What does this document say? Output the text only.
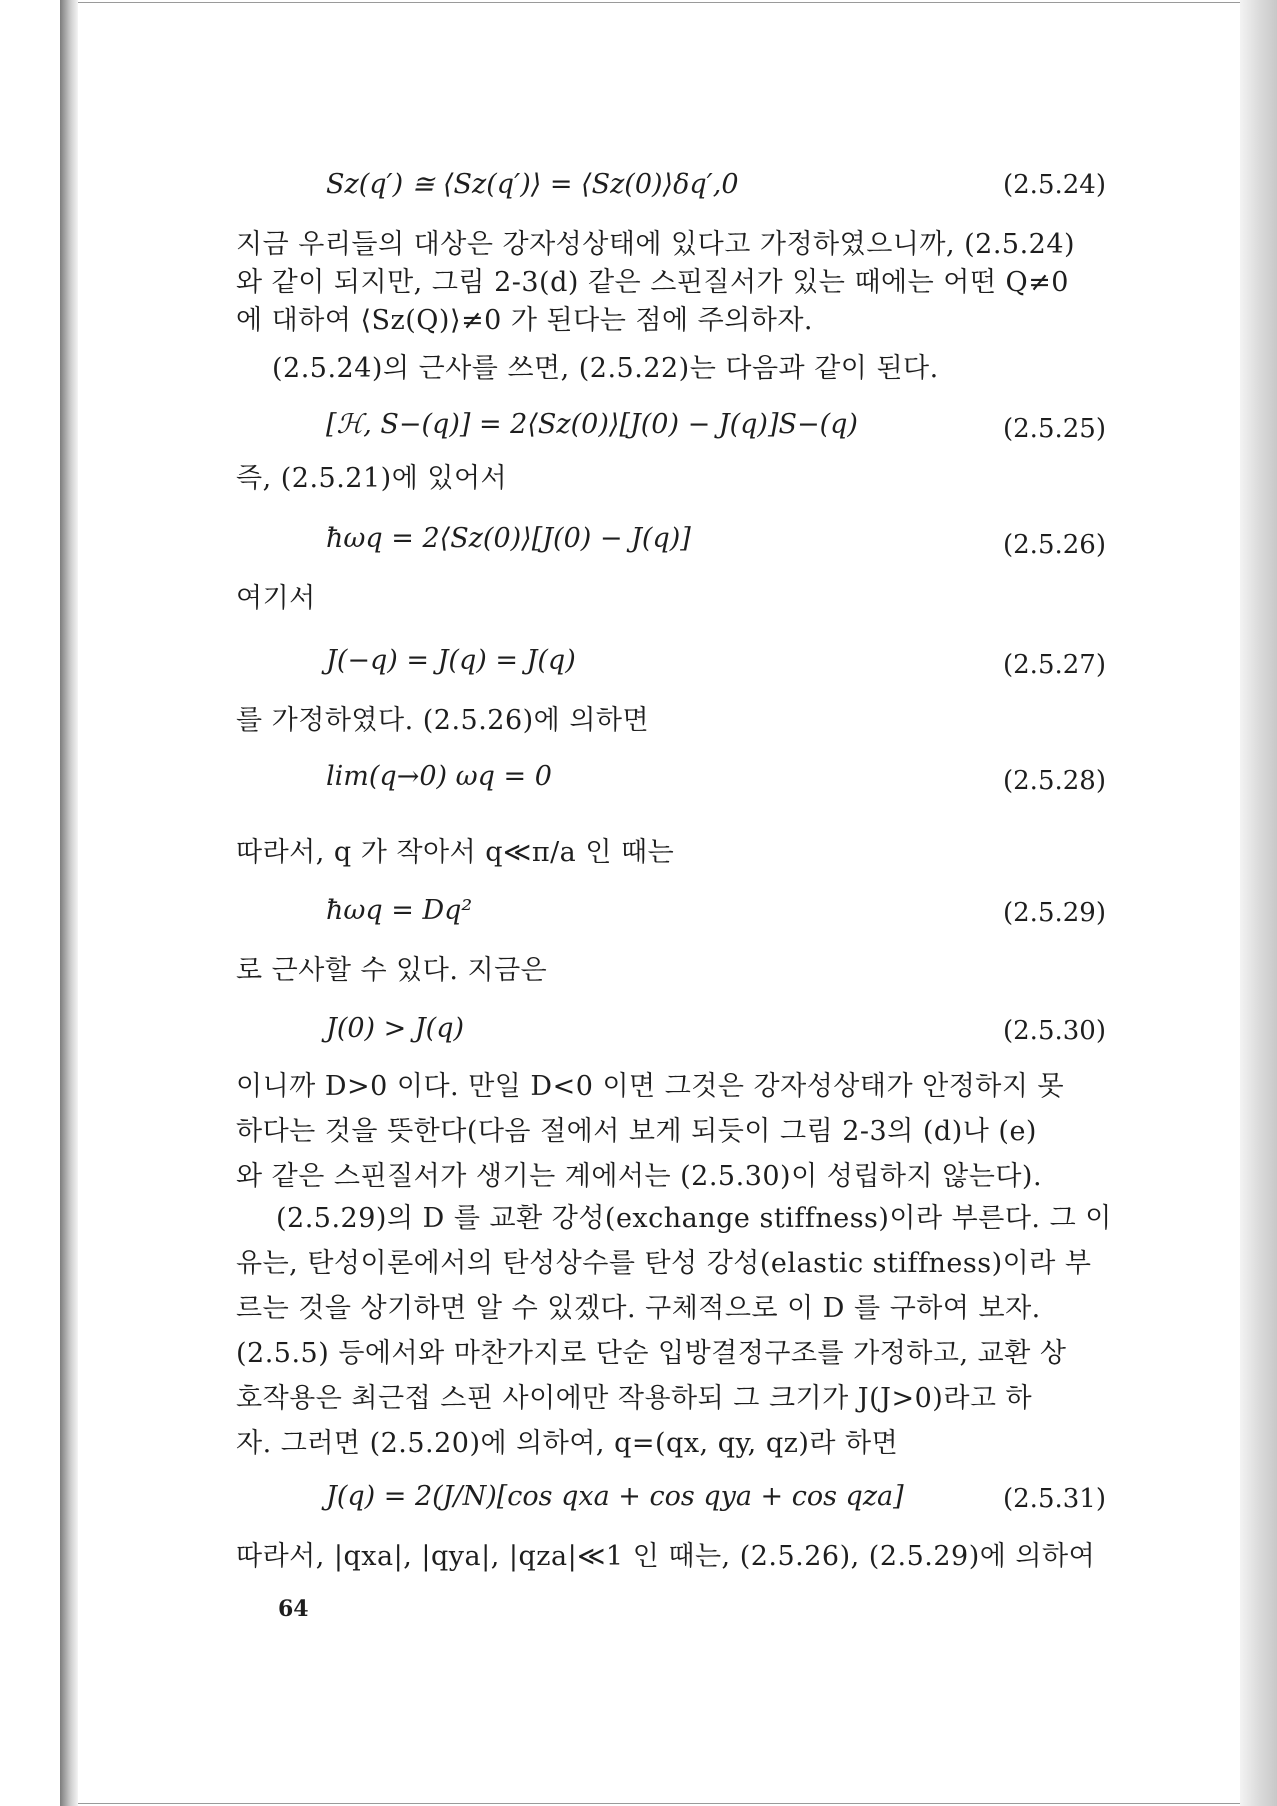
Sz(q′) ≅ ⟨Sz(q′)⟩ = ⟨Sz(0)⟩δq′,0	(2.5.24)
지금 우리들의 대상은 강자성상태에 있다고 가정하였으니까, (2.5.24)
와 같이 되지만, 그림 2-3(d) 같은 스핀질서가 있는 때에는 어떤 Q≠0
에 대하여 ⟨Sz(Q)⟩≠0 가 된다는 점에 주의하자.
(2.5.24)의 근사를 쓰면, (2.5.22)는 다음과 같이 된다.
[ℋ, S−(q)] = 2⟨Sz(0)⟩[J(0) − J(q)]S−(q)	(2.5.25)
즉, (2.5.21)에 있어서
ħωq = 2⟨Sz(0)⟩[J(0) − J(q)]	(2.5.26)
여기서
J(−q) = J(q) = J(q)	(2.5.27)
를 가정하였다. (2.5.26)에 의하면
lim(q→0) ωq = 0	(2.5.28)
따라서, q 가 작아서 q≪π/a 인 때는
ħωq = Dq²	(2.5.29)
로 근사할 수 있다. 지금은
J(0) > J(q)	(2.5.30)
이니까 D>0 이다. 만일 D<0 이면 그것은 강자성상태가 안정하지 못
하다는 것을 뜻한다(다음 절에서 보게 되듯이 그림 2-3의 (d)나 (e)
와 같은 스핀질서가 생기는 계에서는 (2.5.30)이 성립하지 않는다).
(2.5.29)의 D 를 교환 강성(exchange stiffness)이라 부른다. 그 이
유는, 탄성이론에서의 탄성상수를 탄성 강성(elastic stiffness)이라 부
르는 것을 상기하면 알 수 있겠다. 구체적으로 이 D 를 구하여 보자.
(2.5.5) 등에서와 마찬가지로 단순 입방결정구조를 가정하고, 교환 상
호작용은 최근접 스핀 사이에만 작용하되 그 크기가 J(J>0)라고 하
자. 그러면 (2.5.20)에 의하여, q=(qx, qy, qz)라 하면
J(q) = 2(J/N)[cos qxa + cos qya + cos qza]	(2.5.31)
따라서, |qxa|, |qya|, |qza|≪1 인 때는, (2.5.26), (2.5.29)에 의하여
64
